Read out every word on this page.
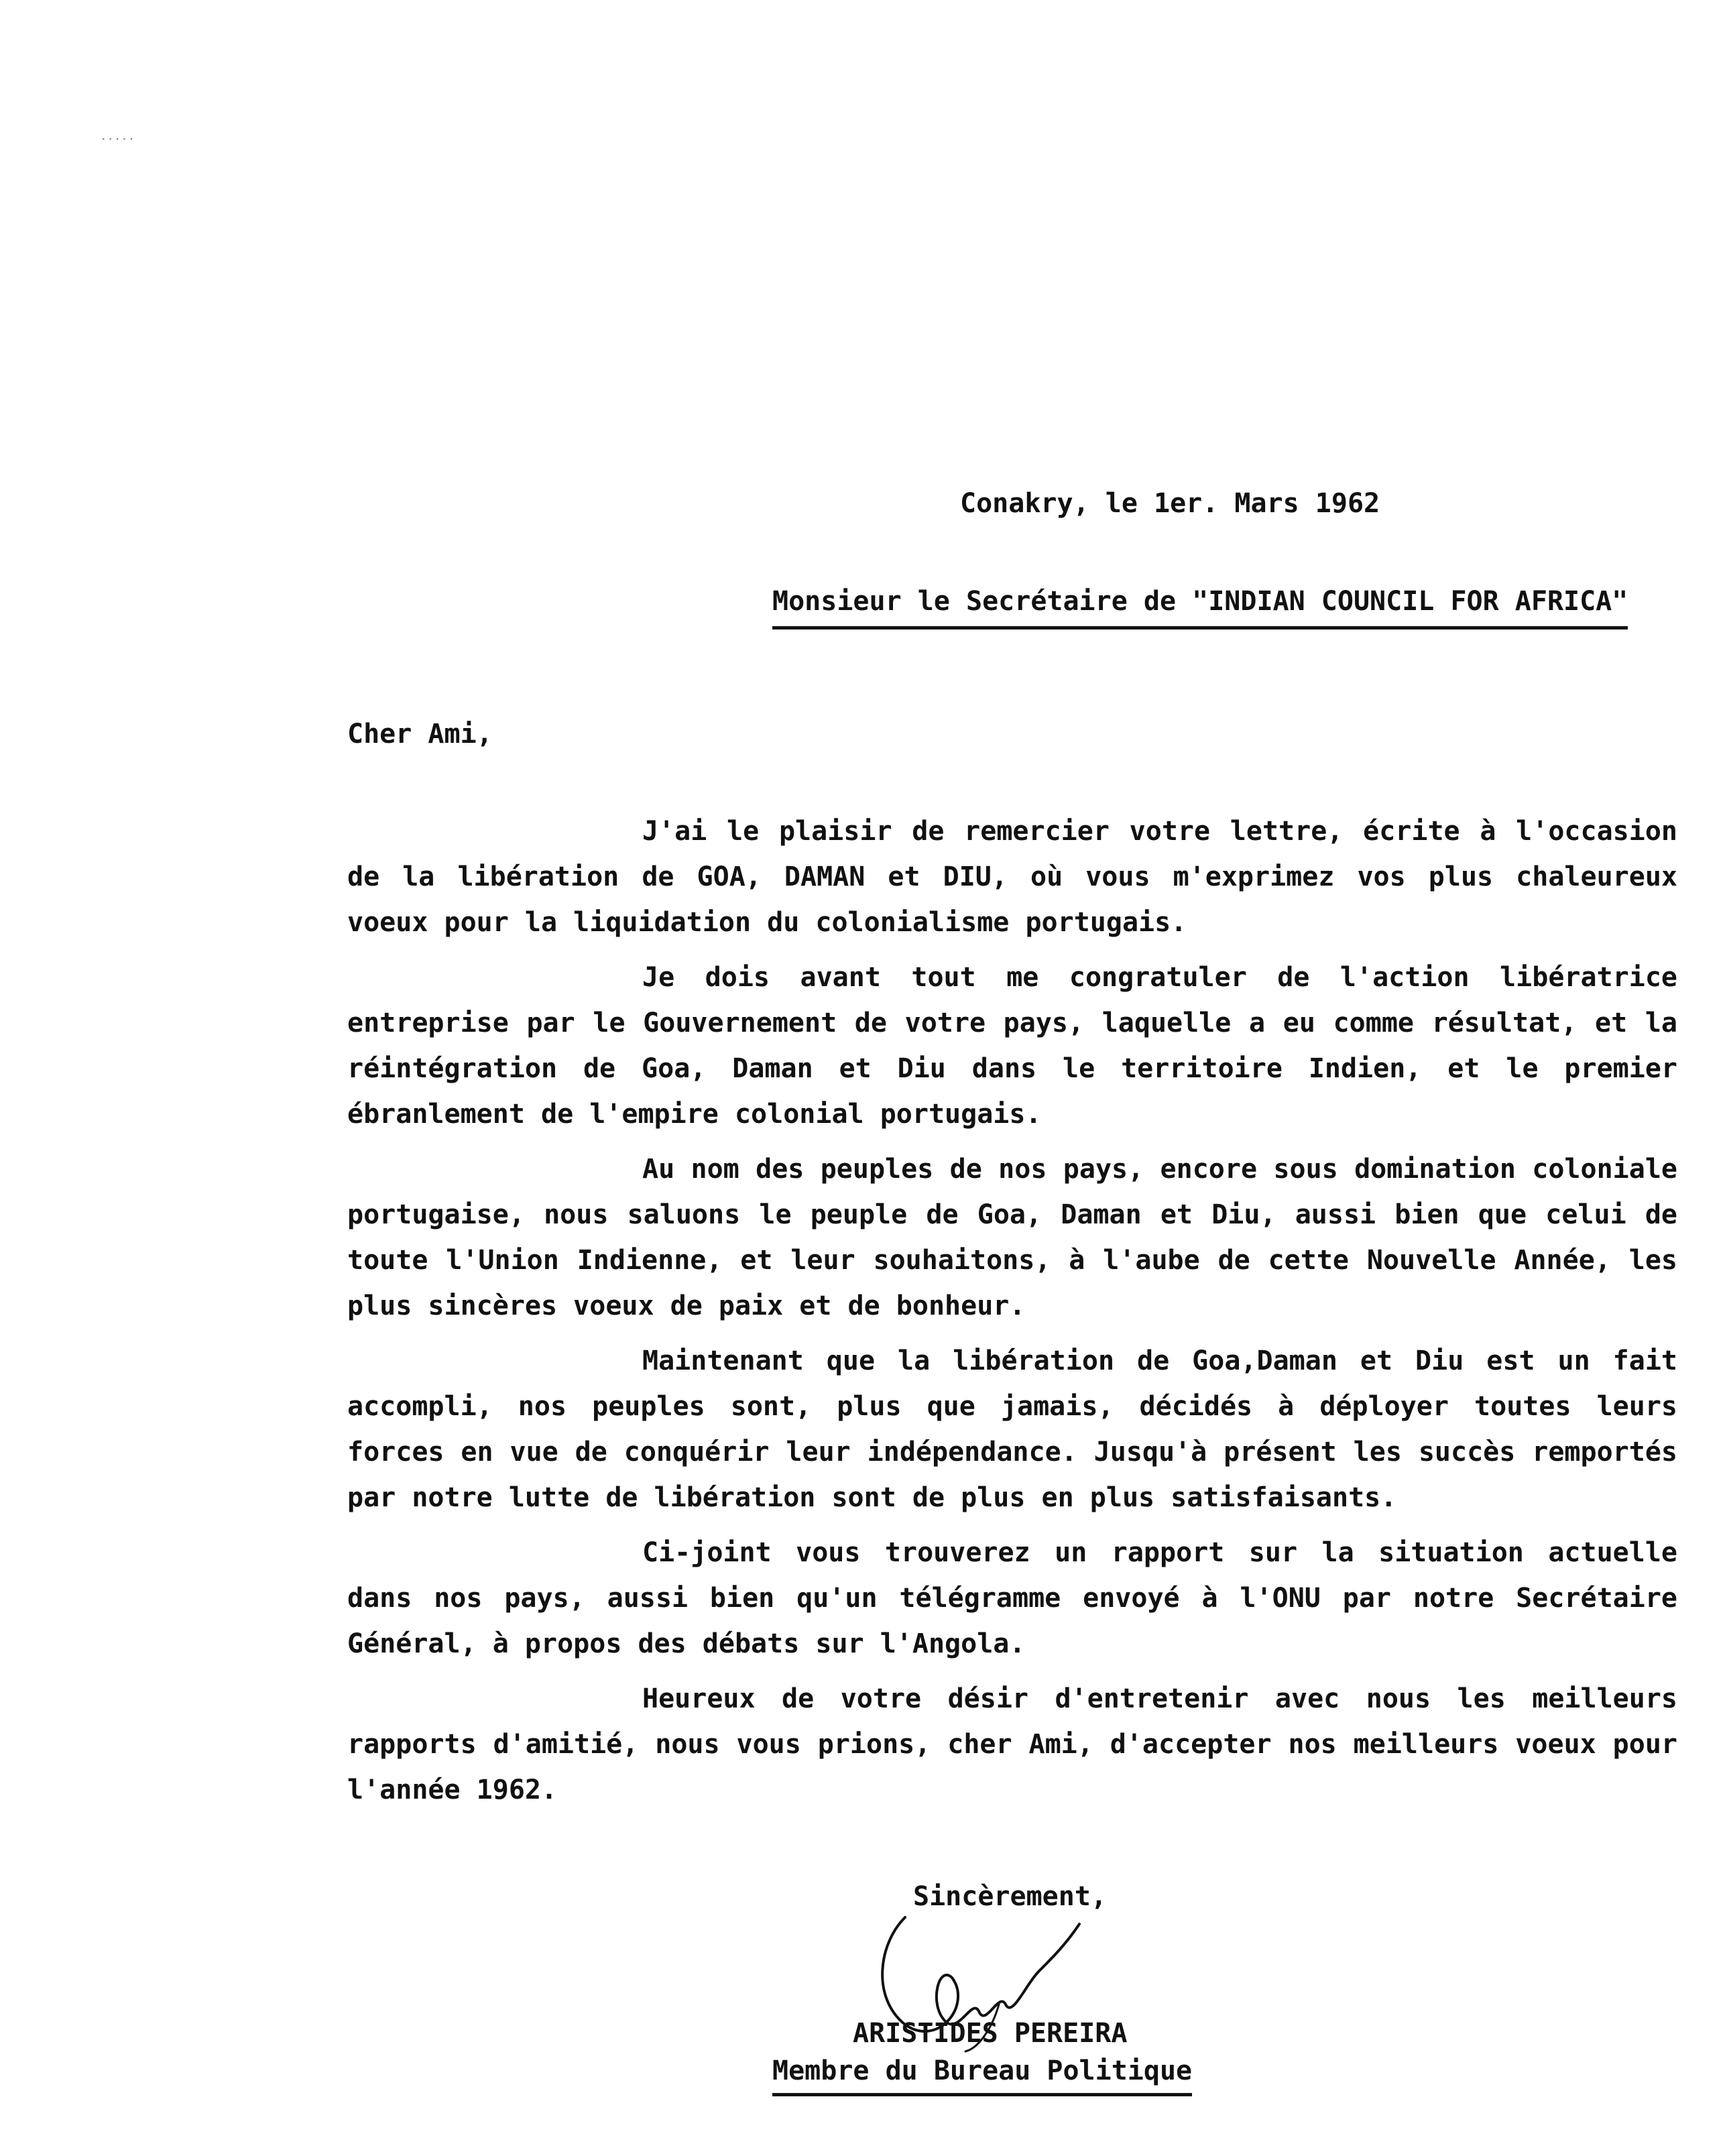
·····
Conakry, le 1er. Mars 1962
Monsieur le Secrétaire de "INDIAN COUNCIL FOR AFRICA"
Cher Ami,

J'ai le plaisir de remercier votre lettre, écrite à l'occasion de la libération de GOA, DAMAN et DIU, où vous m'exprimez vos plus chaleureux voeux pour la liquidation du colonialisme portugais.

Je dois avant tout me congratuler de l'action libératrice entreprise par le Gouvernement de votre pays, laquelle a eu comme résultat, et la réintégration de Goa, Daman et Diu dans le territoire Indien, et le premier ébranlement de l'empire colonial portugais.

Au nom des peuples de nos pays, encore sous domination coloniale portugaise, nous saluons le peuple de Goa, Daman et Diu, aussi bien que celui de toute l'Union Indienne, et leur souhaitons, à l'aube de cette Nouvelle Année, les plus sincères voeux de paix et de bonheur.

Maintenant que la libération de Goa,Daman et Diu est un fait accompli, nos peuples sont, plus que jamais, décidés à déployer toutes leurs forces en vue de conquérir leur indépendance. Jusqu'à présent les succès remportés par notre lutte de libération sont de plus en plus satisfaisants.

Ci-joint vous trouverez un rapport sur la situation actuelle dans nos pays, aussi bien qu'un télégramme envoyé à l'ONU par notre Secrétaire Général, à propos des débats sur l'Angola.

Heureux de votre désir d'entretenir avec nous les meilleurs rapports d'amitié, nous vous prions, cher Ami, d'accepter nos meilleurs voeux pour l'année 1962.

Sincèrement,
ARISTIDES PEREIRA
Membre du Bureau Politique
